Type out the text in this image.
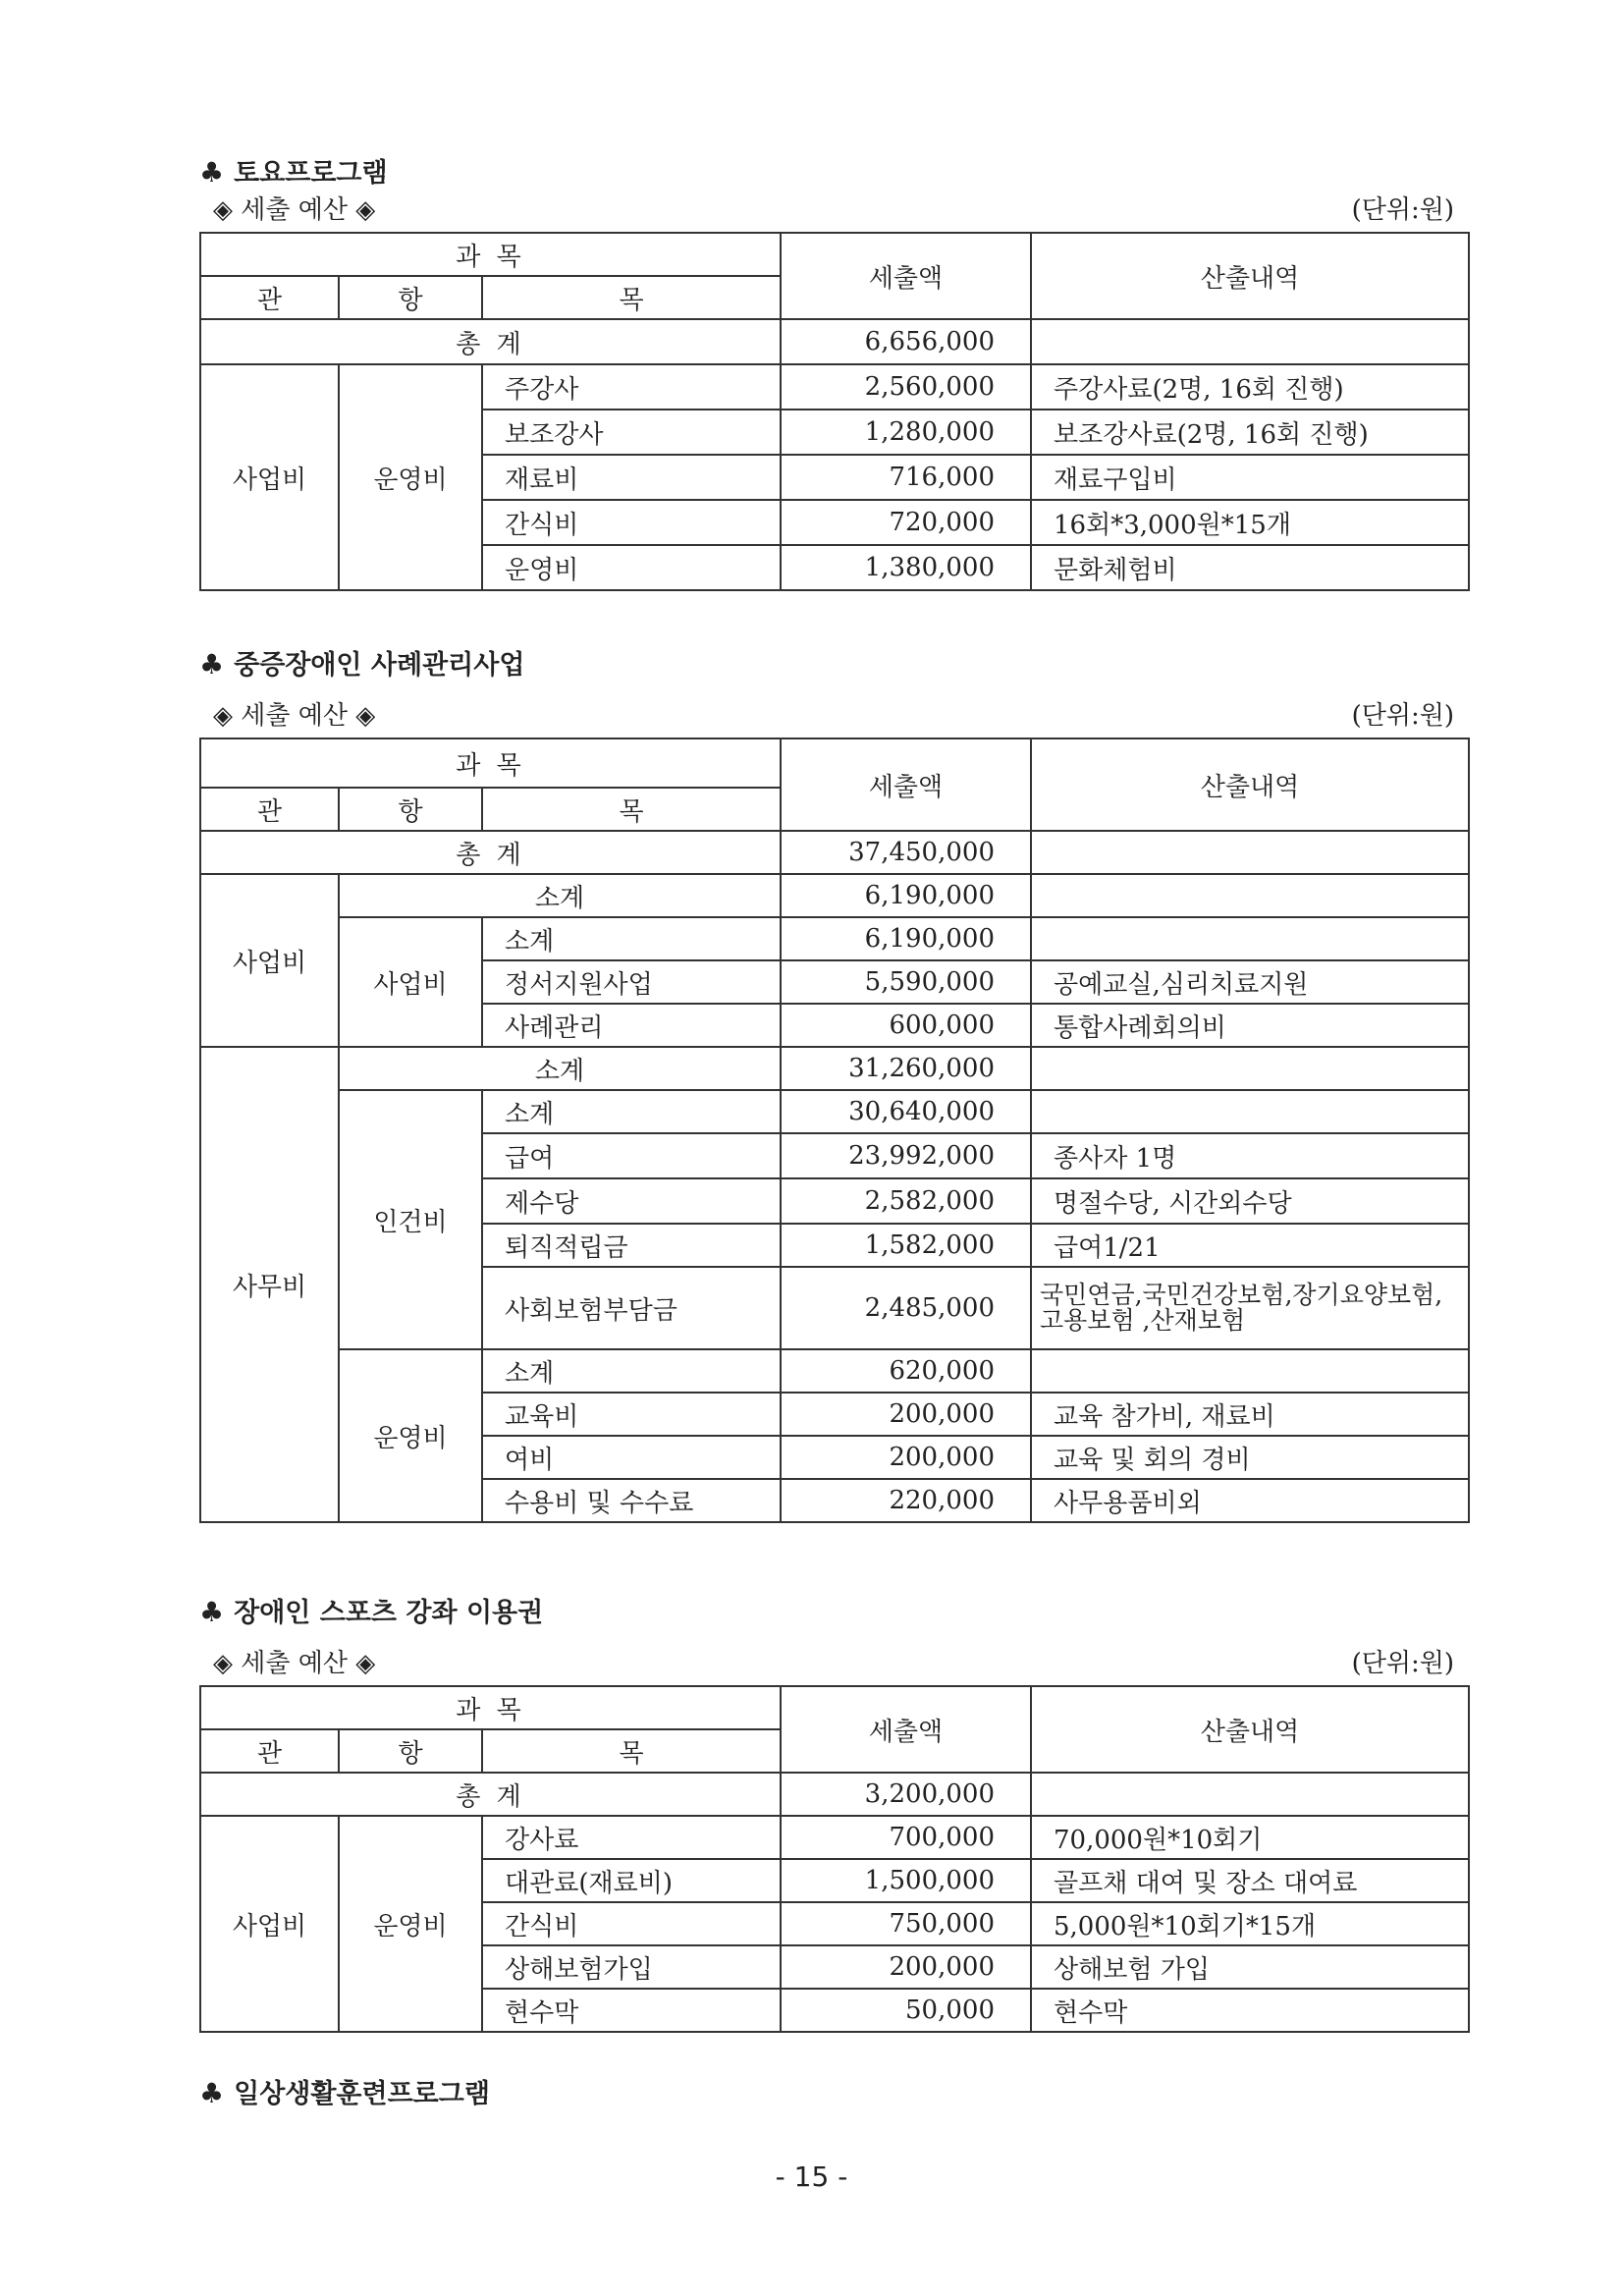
♣ 토요프로그램
◈ 세출 예산 ◈	(단위:원)
과 목			세출액	산출내역
관	항	목		
총 계			6,656,000	
사업비	운영비	주강사	2,560,000	주강사료(2명, 16회 진행)
		보조강사	1,280,000	보조강사료(2명, 16회 진행)
		재료비	716,000	재료구입비
		간식비	720,000	16회*3,000원*15개
		운영비	1,380,000	문화체험비
♣ 중증장애인 사례관리사업
◈ 세출 예산 ◈	(단위:원)
과 목			세출액	산출내역
관	항	목		
총 계			37,450,000	
사업비	소계		6,190,000	
	사업비	소계	6,190,000	
		정서지원사업	5,590,000	공예교실,심리치료지원
		사례관리	600,000	통합사례회의비
사무비	소계		31,260,000	
	인건비	소계	30,640,000	
		급여	23,992,000	종사자 1명
		제수당	2,582,000	명절수당, 시간외수당
		퇴직적립금	1,582,000	급여1/21
		사회보험부담금	2,485,000	국민연금,국민건강보험,장기요양보험,고용보험 ,산재보험
	운영비	소계	620,000	
		교육비	200,000	교육 참가비, 재료비
		여비	200,000	교육 및 회의 경비
		수용비 및 수수료	220,000	사무용품비외
♣ 장애인 스포츠 강좌 이용권
◈ 세출 예산 ◈	(단위:원)
과 목			세출액	산출내역
관	항	목		
총 계			3,200,000	
사업비	운영비	강사료	700,000	70,000원*10회기
		대관료(재료비)	1,500,000	골프채 대여 및 장소 대여료
		간식비	750,000	5,000원*10회기*15개
		상해보험가입	200,000	상해보험 가입
		현수막	50,000	현수막
♣ 일상생활훈련프로그램
- 15 -
